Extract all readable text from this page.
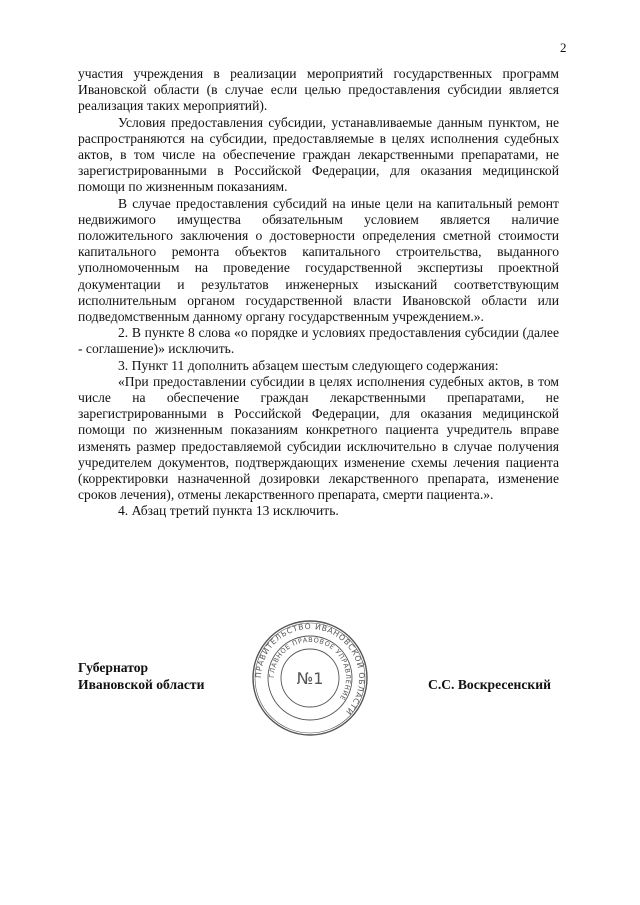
2

участия учреждения в реализации мероприятий государственных программ Ивановской области (в случае если целью предоставления субсидии является реализация таких мероприятий).

Условия предоставления субсидии, устанавливаемые данным пунктом, не распространяются на субсидии, предоставляемые в целях исполнения судебных актов, в том числе на обеспечение граждан лекарственными препаратами, не зарегистрированными в Российской Федерации, для оказания медицинской помощи по жизненным показаниям.

В случае предоставления субсидий на иные цели на капитальный ремонт недвижимого имущества обязательным условием является наличие положительного заключения о достоверности определения сметной стоимости капитального ремонта объектов капитального строительства, выданного уполномоченным на проведение государственной экспертизы проектной документации и результатов инженерных изысканий соответствующим исполнительным органом государственной власти Ивановской области или подведомственным данному органу государственным учреждением.».

2. В пункте 8 слова «о порядке и условиях предоставления субсидии (далее - соглашение)» исключить.

3. Пункт 11 дополнить абзацем шестым следующего содержания:

«При предоставлении субсидии в целях исполнения судебных актов, в том числе на обеспечение граждан лекарственными препаратами, не зарегистрированными в Российской Федерации, для оказания медицинской помощи по жизненным показаниям конкретного пациента учредитель вправе изменять размер предоставляемой субсидии исключительно в случае получения учредителем документов, подтверждающих изменение схемы лечения пациента (корректировки назначенной дозировки лекарственного препарата, изменение сроков лечения), отмены лекарственного препарата, смерти пациента.».

4. Абзац третий пункта 13 исключить.

Губернатор
Ивановской области	С.С. Воскресенский
ПРАВИТЕЛЬСТВО ИВАНОВСКОЙ ОБЛАСТИ
ГЛАВНОЕ ПРАВОВОЕ УПРАВЛЕНИЕ
№1
